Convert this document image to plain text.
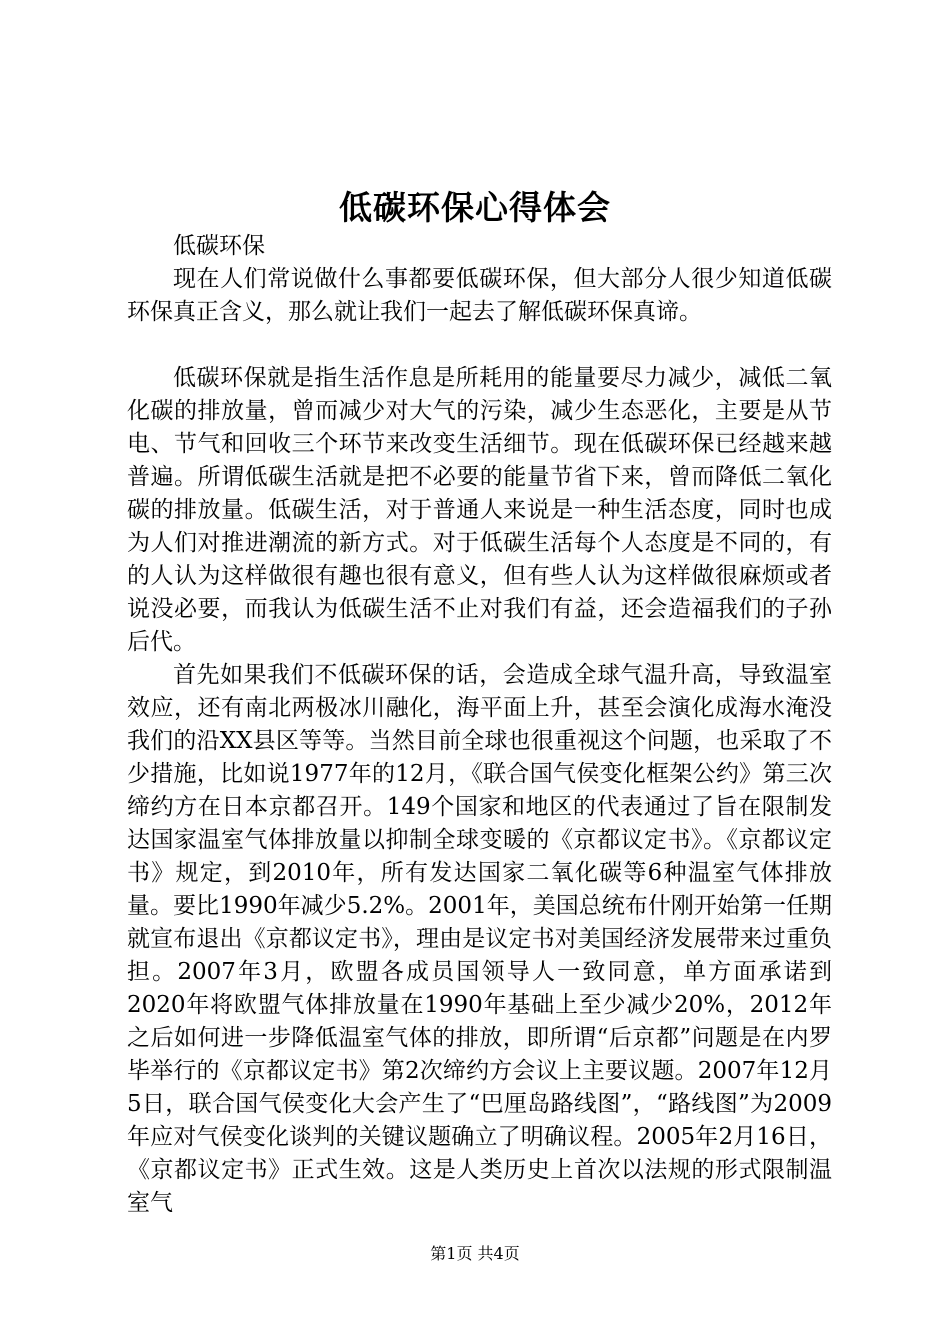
低碳环保心得体会

低碳环保

现在人们常说做什么事都要低碳环保，但大部分人很少知道低碳环保真正含义，那么就让我们一起去了解低碳环保真谛。

低碳环保就是指生活作息是所耗用的能量要尽力减少，减低二氧化碳的排放量，曾而减少对大气的污染，减少生态恶化，主要是从节电、节气和回收三个环节来改变生活细节。现在低碳环保已经越来越普遍。所谓低碳生活就是把不必要的能量节省下来，曾而降低二氧化碳的排放量。低碳生活，对于普通人来说是一种生活态度，同时也成为人们对推进潮流的新方式。对于低碳生活每个人态度是不同的，有的人认为这样做很有趣也很有意义，但有些人认为这样做很麻烦或者说没必要，而我认为低碳生活不止对我们有益，还会造福我们的子孙后代。

首先如果我们不低碳环保的话，会造成全球气温升高，导致温室效应，还有南北两极冰川融化，海平面上升，甚至会演化成海水淹没我们的沿XX县区等等。当然目前全球也很重视这个问题，也采取了不少措施，比如说1977年的12月，《联合国气侯变化框架公约》第三次缔约方在日本京都召开。149个国家和地区的代表通过了旨在限制发达国家温室气体排放量以抑制全球变暖的《京都议定书》。《京都议定书》规定，到2010年，所有发达国家二氧化碳等6种温室气体排放量。要比1990年减少5.2%。2001年，美国总统布什刚开始第一任期就宣布退出《京都议定书》，理由是议定书对美国经济发展带来过重负担。2007年3月，欧盟各成员国领导人一致同意，单方面承诺到2020年将欧盟气体排放量在1990年基础上至少减少20%，2012年之后如何进一步降低温室气体的排放，即所谓“后京都”问题是在内罗毕举行的《京都议定书》第2次缔约方会议上主要议题。2007年12月5日，联合国气侯变化大会产生了“巴厘岛路线图”，“路线图”为2009年应对气侯变化谈判的关键议题确立了明确议程。2005年2月16日，《京都议定书》正式生效。这是人类历史上首次以法规的形式限制温室气

第1页 共4页
